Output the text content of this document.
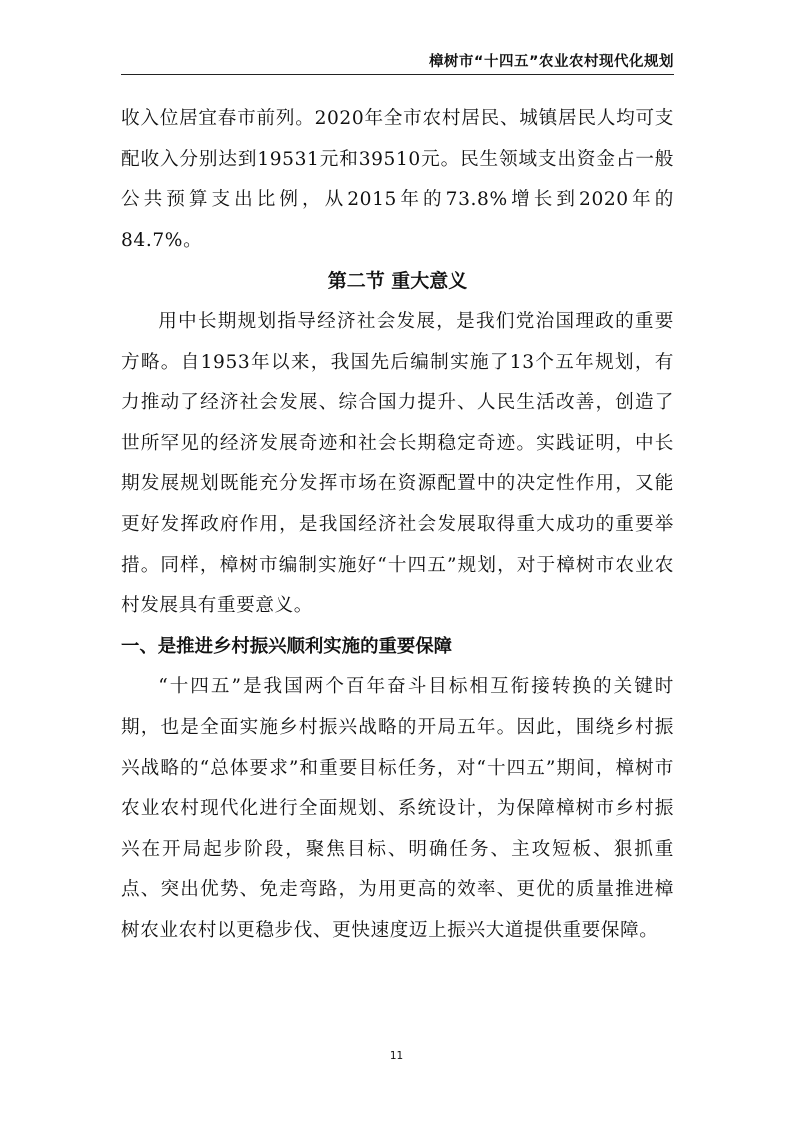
樟树市“十四五”农业农村现代化规划

收入位居宜春市前列。2020年全市农村居民、城镇居民人均可支配收入分别达到19531元和39510元。民生领域支出资金占一般公共预算支出比例，从2015年的73.8%增长到2020年的84.7%。

第二节 重大意义

用中长期规划指导经济社会发展，是我们党治国理政的重要方略。自1953年以来，我国先后编制实施了13个五年规划，有力推动了经济社会发展、综合国力提升、人民生活改善，创造了世所罕见的经济发展奇迹和社会长期稳定奇迹。实践证明，中长期发展规划既能充分发挥市场在资源配置中的决定性作用，又能更好发挥政府作用，是我国经济社会发展取得重大成功的重要举措。同样，樟树市编制实施好“十四五”规划，对于樟树市农业农村发展具有重要意义。

一、是推进乡村振兴顺利实施的重要保障

“十四五”是我国两个百年奋斗目标相互衔接转换的关键时期，也是全面实施乡村振兴战略的开局五年。因此，围绕乡村振兴战略的“总体要求”和重要目标任务，对“十四五”期间，樟树市农业农村现代化进行全面规划、系统设计，为保障樟树市乡村振兴在开局起步阶段，聚焦目标、明确任务、主攻短板、狠抓重点、突出优势、免走弯路，为用更高的效率、更优的质量推进樟树农业农村以更稳步伐、更快速度迈上振兴大道提供重要保障。

11
